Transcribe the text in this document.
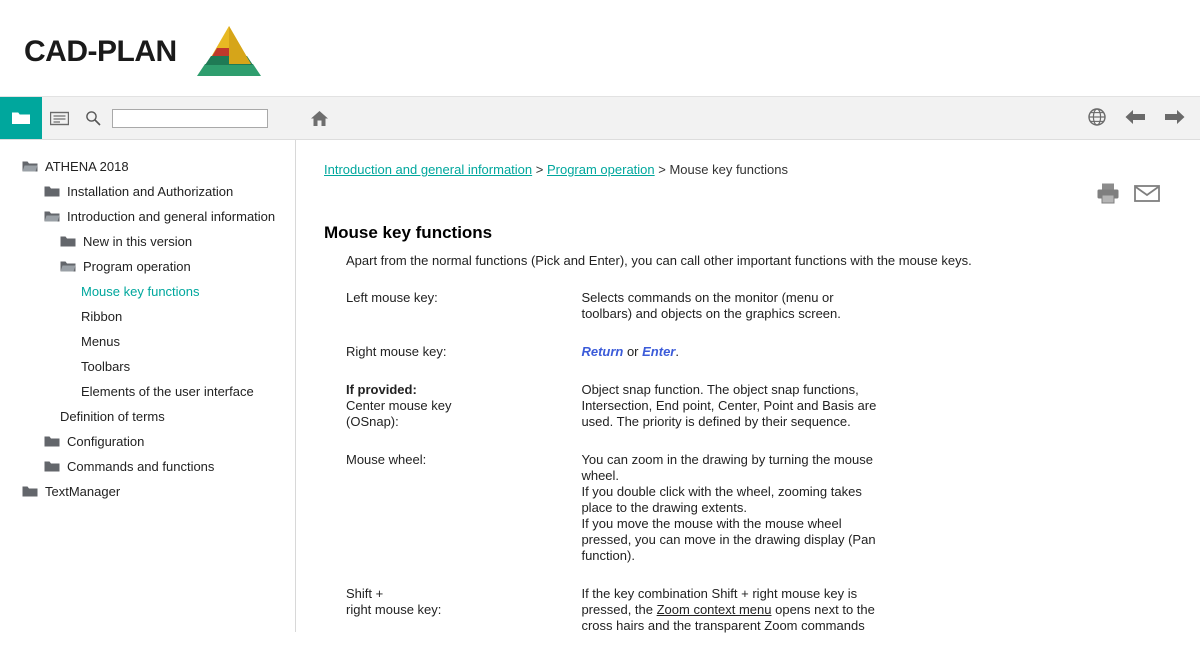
CAD-PLAN
ATHENA 2018
Installation and Authorization
Introduction and general information
New in this version
Program operation
Mouse key functions
Ribbon
Menus
Toolbars
Elements of the user interface
Definition of terms
Configuration
Commands and functions
TextManager
Introduction and general information > Program operation > Mouse key functions
Mouse key functions

Apart from the normal functions (Pick and Enter), you can call other important functions with the mouse keys.

Left mouse key:	Selects commands on the monitor (menu or
toolbars) and objects on the graphics screen.
Right mouse key:	Return or Enter.
If provided:
Center mouse key
(OSnap):	Object snap function. The object snap functions,
Intersection, End point, Center, Point and Basis are
used. The priority is defined by their sequence.
Mouse wheel:	You can zoom in the drawing by turning the mouse
wheel.
If you double click with the wheel, zooming takes
place to the drawing extents.
If you move the mouse with the mouse wheel
pressed, you can move in the drawing display (Pan
function).
Shift +
right mouse key:	If the key combination Shift + right mouse key is
pressed, the Zoom context menu opens next to the
cross hairs and the transparent Zoom commands
